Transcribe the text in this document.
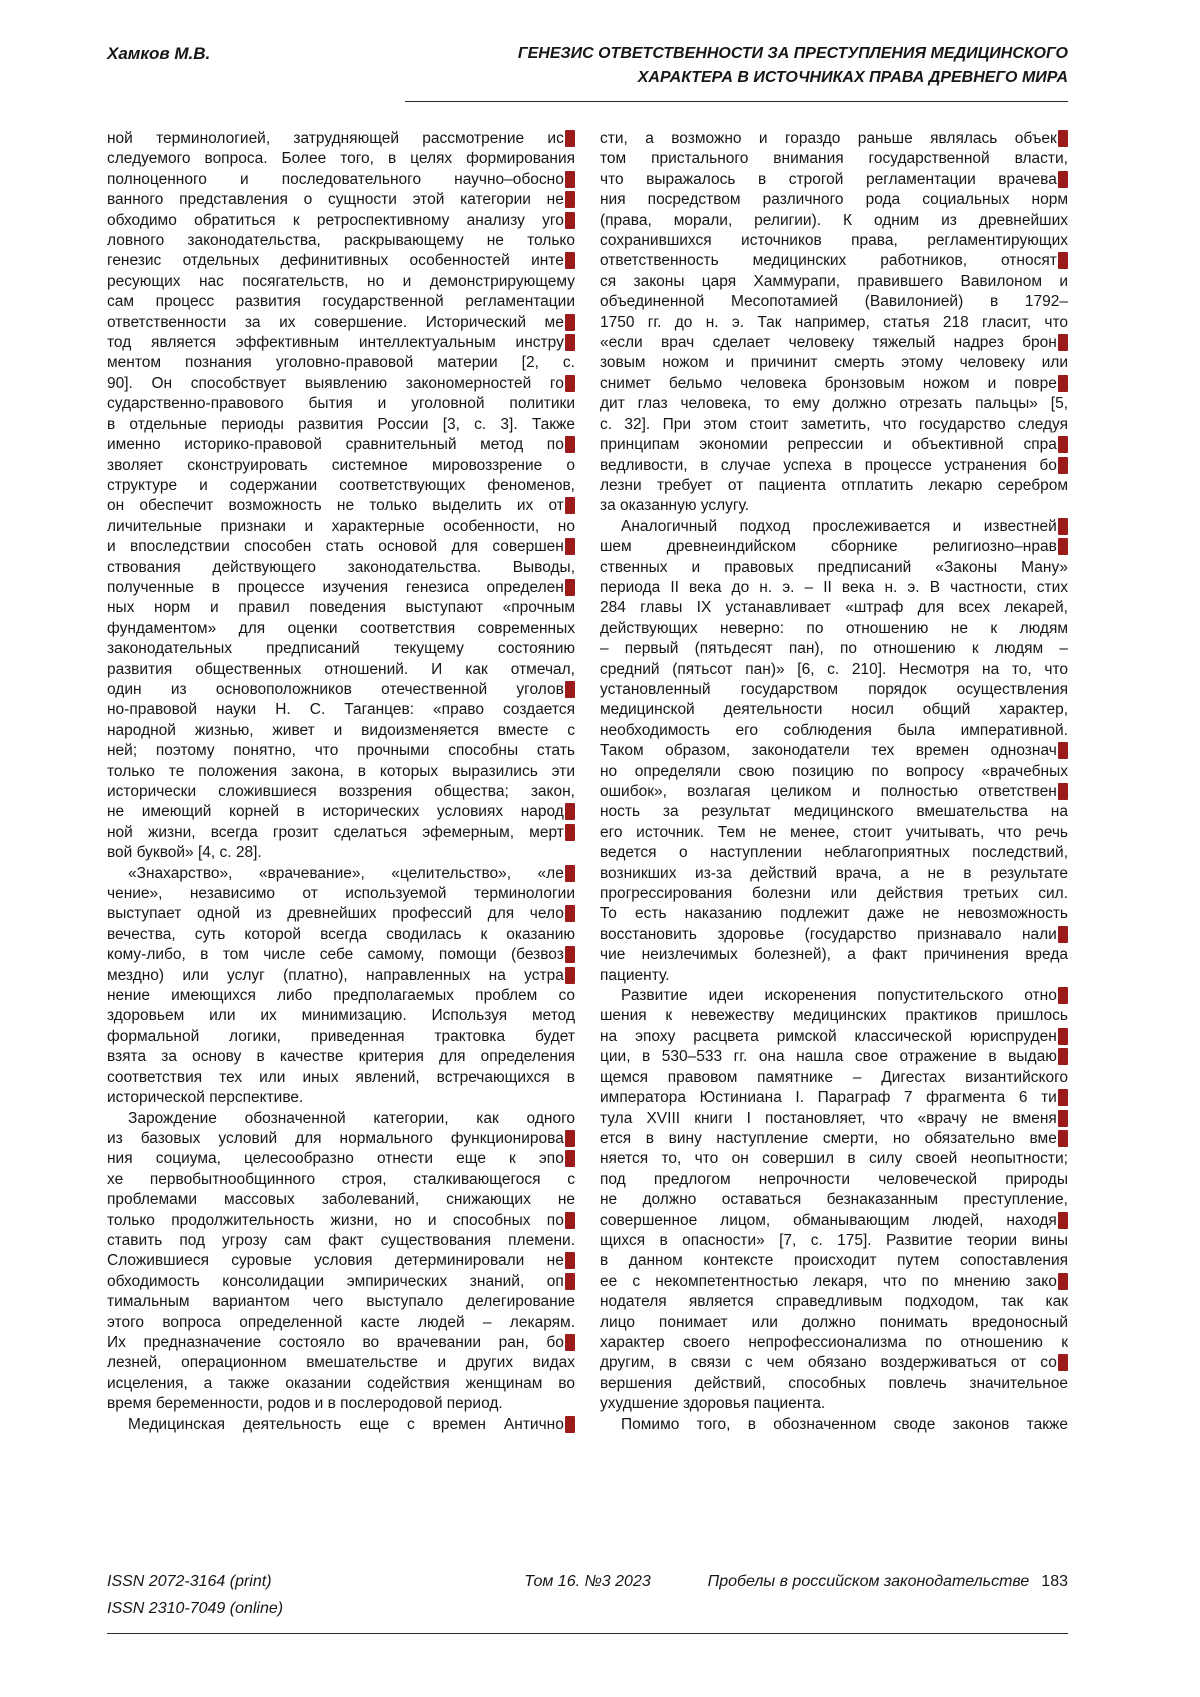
Хамков М.В.	ГЕНЕЗИС ОТВЕТСТВЕННОСТИ ЗА ПРЕСТУПЛЕНИЯ МЕДИЦИНСКОГО
ХАРАКТЕРА В ИСТОЧНИКАХ ПРАВА ДРЕВНЕГО МИРА
ной терминологией, затрудняющей рассмотрение ис -
следуемого вопроса. Более того, в целях формирования
полноценного и последовательного научно–обосно -
ванного представления о сущности этой категории не -
обходимо обратиться к ретроспективному анализу уго -
ловного законодательства, раскрывающему не только
генезис отдельных дефинитивных особенностей инте -
ресующих нас посягательств, но и демонстрирующему
сам процесс развития государственной регламентации
ответственности за их совершение. Исторический ме -
тод является эффективным интеллектуальным инстру -
ментом познания уголовно-правовой материи [2, с.
90]. Он способствует выявлению закономерностей го -
сударственно-правового бытия и уголовной политики
в отдельные периоды развития России [3, с. 3]. Также
именно историко-правовой сравнительный метод по -
зволяет сконструировать системное мировоззрение о
структуре и содержании соответствующих феноменов,
он обеспечит возможность не только выделить их от -
личительные признаки и характерные особенности, но
и впоследствии способен стать основой для совершен -
ствования действующего законодательства. Выводы,
полученные в процессе изучения генезиса определен -
ных норм и правил поведения выступают «прочным
фундаментом» для оценки соответствия современных
законодательных предписаний текущему состоянию
развития общественных отношений. И как отмечал,
один из основоположников отечественной уголов -
но-правовой науки Н. С. Таганцев: «право создается
народной жизнью, живет и видоизменяется вместе с
ней; поэтому понятно, что прочными способны стать
только те положения закона, в которых выразились эти
исторически сложившиеся воззрения общества; закон,
не имеющий корней в исторических условиях народ -
ной жизни, всегда грозит сделаться эфемерным, мерт -
вой буквой» [4, с. 28].
«Знахарство», «врачевание», «целительство», «ле -
чение», независимо от используемой терминологии
выступает одной из древнейших профессий для чело -
вечества, суть которой всегда сводилась к оказанию
кому-либо, в том числе себе самому, помощи (безвоз -
мездно) или услуг (платно), направленных на устра -
нение имеющихся либо предполагаемых проблем со
здоровьем или их минимизацию. Используя метод
формальной логики, приведенная трактовка будет
взята за основу в качестве критерия для определения
соответствия тех или иных явлений, встречающихся в
исторической перспективе.
Зарождение обозначенной категории, как одного
из базовых условий для нормального функционирова -
ния социума, целесообразно отнести еще к эпо -
хе первобытнообщинного строя, сталкивающегося с
проблемами массовых заболеваний, снижающих не
только продолжительность жизни, но и способных по -
ставить под угрозу сам факт существования племени.
Сложившиеся суровые условия детерминировали не -
обходимость консолидации эмпирических знаний, оп -
тимальным вариантом чего выступало делегирование
этого вопроса определенной касте людей – лекарям.
Их предназначение состояло во врачевании ран, бо -
лезней, операционном вмешательстве и других видах
исцеления, а также оказании содействия женщинам во
время беременности, родов и в послеродовой период.
Медицинская деятельность еще с времен Антично -
сти, а возможно и гораздо раньше являлась объек -
том пристального внимания государственной власти,
что выражалось в строгой регламентации врачева -
ния посредством различного рода социальных норм
(права, морали, религии). К одним из древнейших
сохранившихся источников права, регламентирующих
ответственность медицинских работников, относят -
ся законы царя Хаммурапи, правившего Вавилоном и
объединенной Месопотамией (Вавилонией) в 1792–
1750 гг. до н. э. Так например, статья 218 гласит, что
«если врач сделает человеку тяжелый надрез брон -
зовым ножом и причинит смерть этому человеку или
снимет бельмо человека бронзовым ножом и повре -
дит глаз человека, то ему должно отрезать пальцы» [5,
с. 32]. При этом стоит заметить, что государство следуя
принципам экономии репрессии и объективной спра -
ведливости, в случае успеха в процессе устранения бо -
лезни требует от пациента отплатить лекарю серебром
за оказанную услугу.
Аналогичный подход прослеживается и известней -
шем древнеиндийском сборнике религиозно–нрав -
ственных и правовых предписаний «Законы Ману»
периода II века до н. э. – II века н. э. В частности, стих
284 главы IX устанавливает «штраф для всех лекарей,
действующих неверно: по отношению не к людям
– первый (пятьдесят пан), по отношению к людям –
средний (пятьсот пан)» [6, с. 210]. Несмотря на то, что
установленный государством порядок осуществления
медицинской деятельности носил общий характер,
необходимость его соблюдения была императивной.
Таком образом, законодатели тех времен однознач -
но определяли свою позицию по вопросу «врачебных
ошибок», возлагая целиком и полностью ответствен -
ность за результат медицинского вмешательства на
его источник. Тем не менее, стоит учитывать, что речь
ведется о наступлении неблагоприятных последствий,
возникших из-за действий врача, а не в результате
прогрессирования болезни или действия третьих сил.
То есть наказанию подлежит даже не невозможность
восстановить здоровье (государство признавало нали -
чие неизлечимых болезней), а факт причинения вреда
пациенту.
Развитие идеи искоренения попустительского отно -
шения к невежеству медицинских практиков пришлось
на эпоху расцвета римской классической юриспруден -
ции, в 530–533 гг. она нашла свое отражение в выдаю -
щемся правовом памятнике – Дигестах византийского
императора Юстиниана I. Параграф 7 фрагмента 6 ти -
тула XVIII книги I постановляет, что «врачу не вменя -
ется в вину наступление смерти, но обязательно вме -
няется то, что он совершил в силу своей неопытности;
под предлогом непрочности человеческой природы
не должно оставаться безнаказанным преступление,
совершенное лицом, обманывающим людей, находя -
щихся в опасности» [7, с. 175]. Развитие теории вины
в данном контексте происходит путем сопоставления
ее с некомпетентностью лекаря, что по мнению зако -
нодателя является справедливым подходом, так как
лицо понимает или должно понимать вредоносный
характер своего непрофессионализма по отношению к
другим, в связи с чем обязано воздерживаться от со -
вершения действий, способных повлечь значительное
ухудшение здоровья пациента.
Помимо того, в обозначенном своде законов также
Том 16. №3 2023
ISSN 2072-3164 (print)
ISSN 2310-7049 (online)
Пробелы в российском законодательстве 183
